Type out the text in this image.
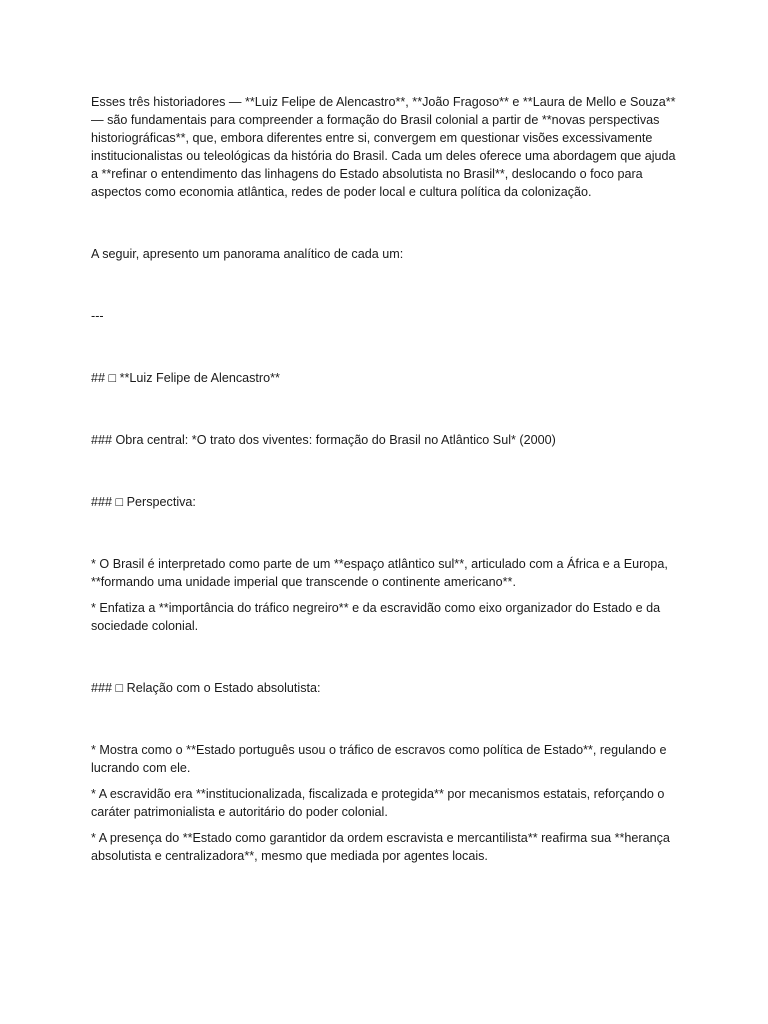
Esses três historiadores — **Luiz Felipe de Alencastro**, **João Fragoso** e **Laura de Mello e Souza** — são fundamentais para compreender a formação do Brasil colonial a partir de **novas perspectivas historiográficas**, que, embora diferentes entre si, convergem em questionar visões excessivamente institucionalistas ou teleológicas da história do Brasil. Cada um deles oferece uma abordagem que ajuda a **refinar o entendimento das linhagens do Estado absolutista no Brasil**, deslocando o foco para aspectos como economia atlântica, redes de poder local e cultura política da colonização.

A seguir, apresento um panorama analítico de cada um:

---

## □ **Luiz Felipe de Alencastro**

### Obra central: *O trato dos viventes: formação do Brasil no Atlântico Sul* (2000)

### □ Perspectiva:

* O Brasil é interpretado como parte de um **espaço atlântico sul**, articulado com a África e a Europa, **formando uma unidade imperial que transcende o continente americano**.

* Enfatiza a **importância do tráfico negreiro** e da escravidão como eixo organizador do Estado e da sociedade colonial.

### □ Relação com o Estado absolutista:

* Mostra como o **Estado português usou o tráfico de escravos como política de Estado**, regulando e lucrando com ele.

* A escravidão era **institucionalizada, fiscalizada e protegida** por mecanismos estatais, reforçando o caráter patrimonialista e autoritário do poder colonial.

* A presença do **Estado como garantidor da ordem escravista e mercantilista** reafirma sua **herança absolutista e centralizadora**, mesmo que mediada por agentes locais.
